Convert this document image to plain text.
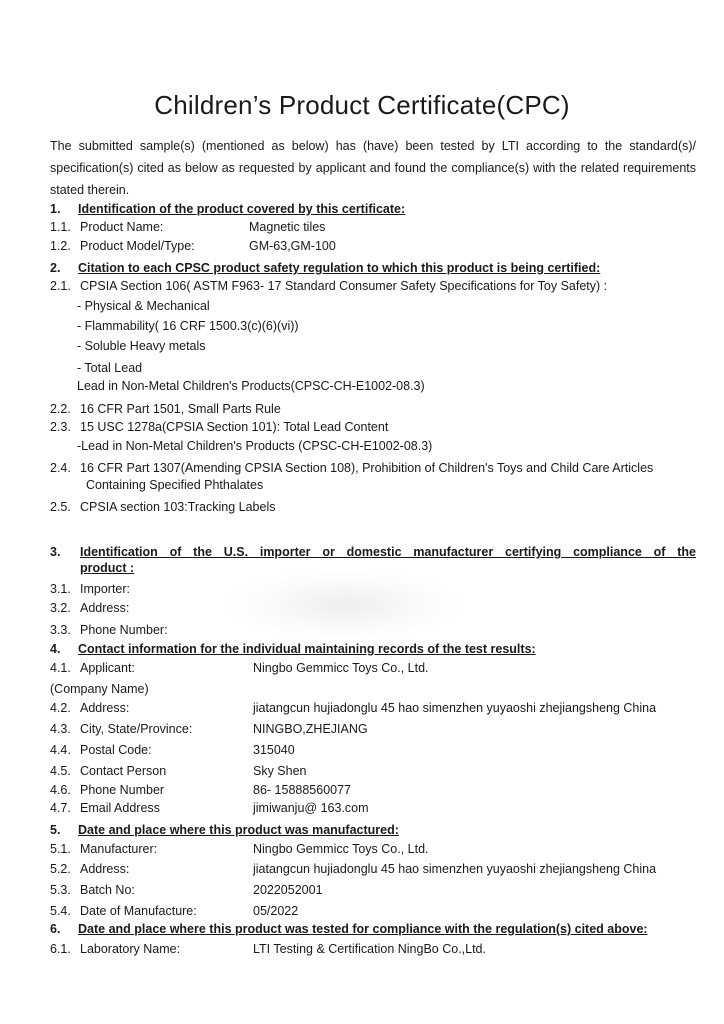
Children’s Product Certificate(CPC)
The submitted sample(s) (mentioned as below) has (have) been tested by LTI according to the standard(s)/ specification(s) cited as below as requested by applicant and found the compliance(s) with the related requirements stated therein.
1. Identification of the product covered by this certificate:
1.1. Product Name:	Magnetic tiles
1.2. Product Model/Type:	GM-63,GM-100
2. Citation to each CPSC product safety regulation to which this product is being certified:
2.1. CPSIA Section 106( ASTM F963- 17 Standard Consumer Safety Specifications for Toy Safety) :
- Physical & Mechanical
- Flammability( 16 CRF 1500.3(c)(6)(vi))
- Soluble Heavy metals
- Total Lead
Lead in Non-Metal Children's Products(CPSC-CH-E1002-08.3)
2.2. 16 CFR Part 1501, Small Parts Rule
2.3. 15 USC 1278a(CPSIA Section 101): Total Lead Content
-Lead in Non-Metal Children's Products (CPSC-CH-E1002-08.3)
2.4. 16 CFR Part 1307(Amending CPSIA Section 108), Prohibition of Children's Toys and Child Care Articles
Containing Specified Phthalates
2.5. CPSIA section 103:Tracking Labels
3. Identification of the U.S. importer or domestic manufacturer certifying compliance of the
product :
3.1. Importer:
3.2. Address:
3.3. Phone Number:
4. Contact information for the individual maintaining records of the test results:
4.1. Applicant:	Ningbo Gemmicc Toys Co., Ltd.
(Company Name)
4.2. Address:	jiatangcun hujiadonglu 45 hao simenzhen yuyaoshi zhejiangsheng China
4.3. City, State/Province:	NINGBO,ZHEJIANG
4.4. Postal Code:	315040
4.5. Contact Person	Sky Shen
4.6. Phone Number	86- 15888560077
4.7. Email Address	jimiwanju@ 163.com
5. Date and place where this product was manufactured:
5.1. Manufacturer:	Ningbo Gemmicc Toys Co., Ltd.
5.2. Address:	jiatangcun hujiadonglu 45 hao simenzhen yuyaoshi zhejiangsheng China
5.3. Batch No:	2022052001
5.4. Date of Manufacture:	05/2022
6. Date and place where this product was tested for compliance with the regulation(s) cited above:
6.1. Laboratory Name:	LTI Testing & Certification NingBo Co.,Ltd.
